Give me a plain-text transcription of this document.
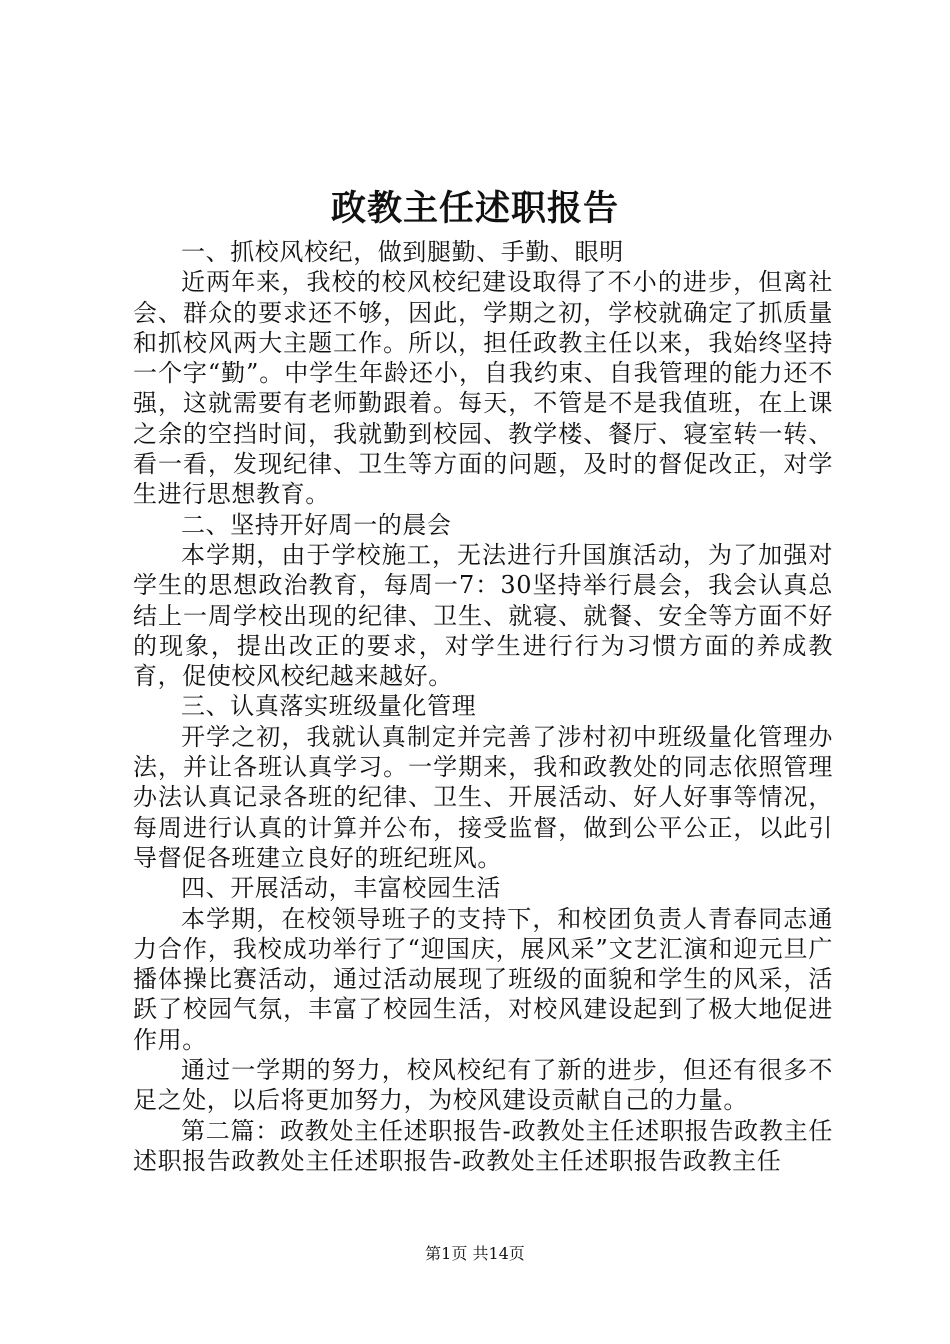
政教主任述职报告

一、抓校风校纪，做到腿勤、手勤、眼明

近两年来，我校的校风校纪建设取得了不小的进步，但离社会、群众的要求还不够，因此，学期之初，学校就确定了抓质量和抓校风两大主题工作。所以，担任政教主任以来，我始终坚持一个字“勤”。中学生年龄还小，自我约束、自我管理的能力还不强，这就需要有老师勤跟着。每天，不管是不是我值班，在上课之余的空挡时间，我就勤到校园、教学楼、餐厅、寝室转一转、看一看，发现纪律、卫生等方面的问题，及时的督促改正，对学生进行思想教育。

二、坚持开好周一的晨会

本学期，由于学校施工，无法进行升国旗活动，为了加强对学生的思想政治教育，每周一7：30坚持举行晨会，我会认真总结上一周学校出现的纪律、卫生、就寝、就餐、安全等方面不好的现象，提出改正的要求，对学生进行行为习惯方面的养成教育，促使校风校纪越来越好。

三、认真落实班级量化管理

开学之初，我就认真制定并完善了涉村初中班级量化管理办法，并让各班认真学习。一学期来，我和政教处的同志依照管理办法认真记录各班的纪律、卫生、开展活动、好人好事等情况，每周进行认真的计算并公布，接受监督，做到公平公正，以此引导督促各班建立良好的班纪班风。

四、开展活动，丰富校园生活

本学期，在校领导班子的支持下，和校团负责人青春同志通力合作，我校成功举行了“迎国庆，展风采”文艺汇演和迎元旦广播体操比赛活动，通过活动展现了班级的面貌和学生的风采，活跃了校园气氛，丰富了校园生活，对校风建设起到了极大地促进作用。

通过一学期的努力，校风校纪有了新的进步，但还有很多不足之处，以后将更加努力，为校风建设贡献自己的力量。

第二篇：政教处主任述职报告-政教处主任述职报告政教主任述职报告政教处主任述职报告-政教处主任述职报告政教主任

第1页 共14页
